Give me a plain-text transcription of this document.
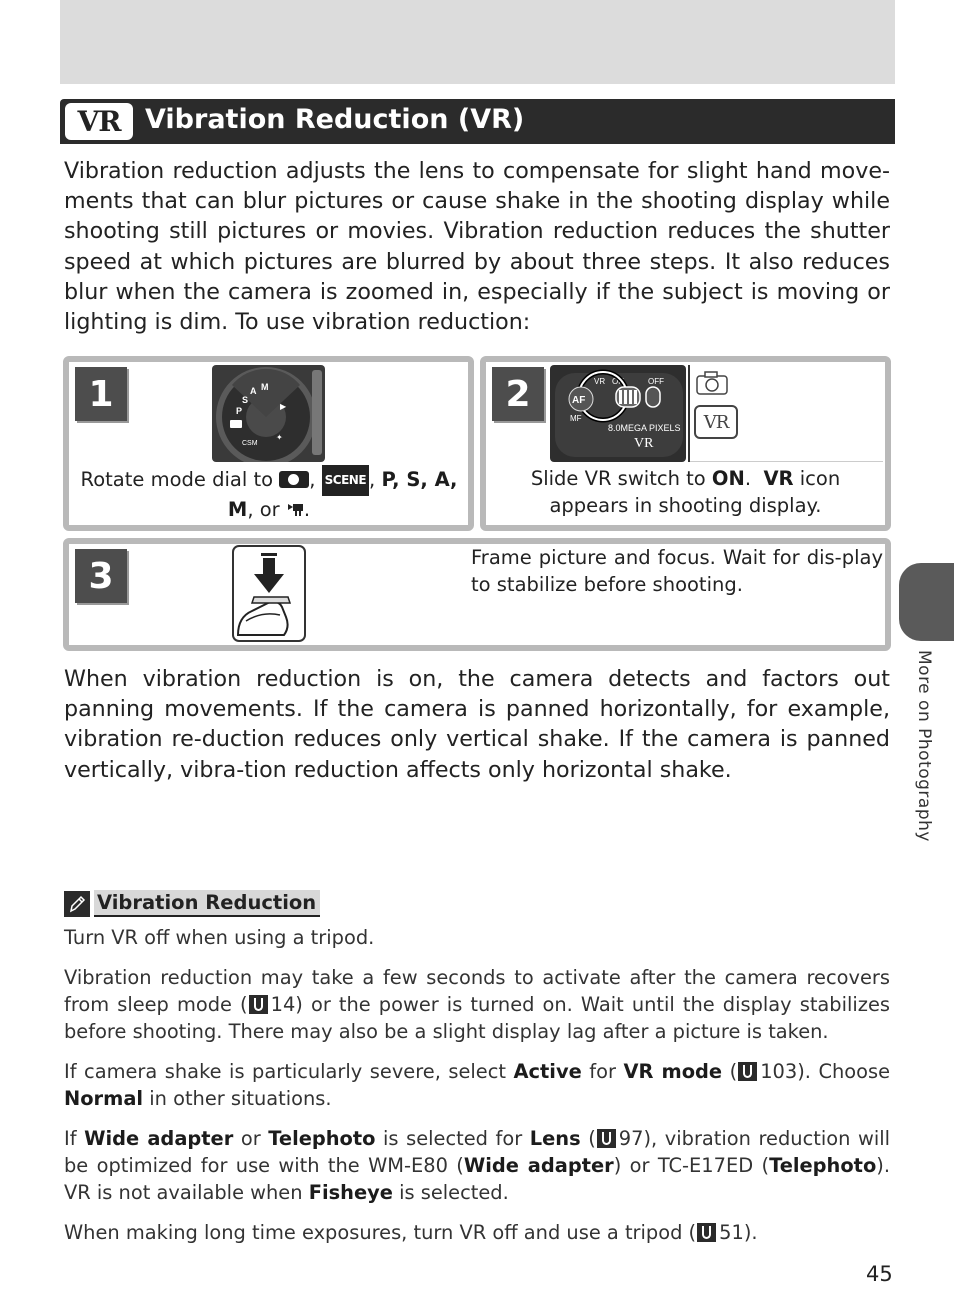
VR Vibration Reduction (VR)

Vibration reduction adjusts the lens to compensate for slight hand move-ments that can blur pictures or cause shake in the shooting display while shooting still pictures or movies. Vibration reduction reduces the shutter speed at which pictures are blurred by about three steps. It also reduces blur when the camera is zoomed in, especially if the subject is moving or lighting is dim. To use vibration reduction:

1	S
A M
P	▶
CSM
✦
Rotate mode dial to , SCENE , P, S, A,
M, or .
2	VR ON	OFF
AF
MF
8.0MEGA PIXELS
VR
VR
Slide VR switch to ON.  VR icon appears in shooting display.
3	Frame picture and focus. Wait for dis-play to stabilize before shooting.

When vibration reduction is on, the camera detects and factors out panning movements. If the camera is panned horizontally, for example, vibration re-duction reduces only vertical shake. If the camera is panned vertically, vibra-tion reduction affects only horizontal shake.	More on Photography
Vibration Reduction

Turn VR off when using a tripod.

Vibration reduction may take a few seconds to activate after the camera recovers from sleep mode ( 14) or the power is turned on. Wait until the display stabilizes before shooting. There may also be a slight display lag after a picture is taken.

If camera shake is particularly severe, select Active for VR mode ( 103). Choose Normal in other situations.

If Wide adapter or Telephoto is selected for Lens ( 97), vibration reduction will be optimized for use with the WM-E80 (Wide adapter) or TC-E17ED (Telephoto). VR is not available when Fisheye is selected.

When making long time exposures, turn VR off and use a tripod ( 51).

45
